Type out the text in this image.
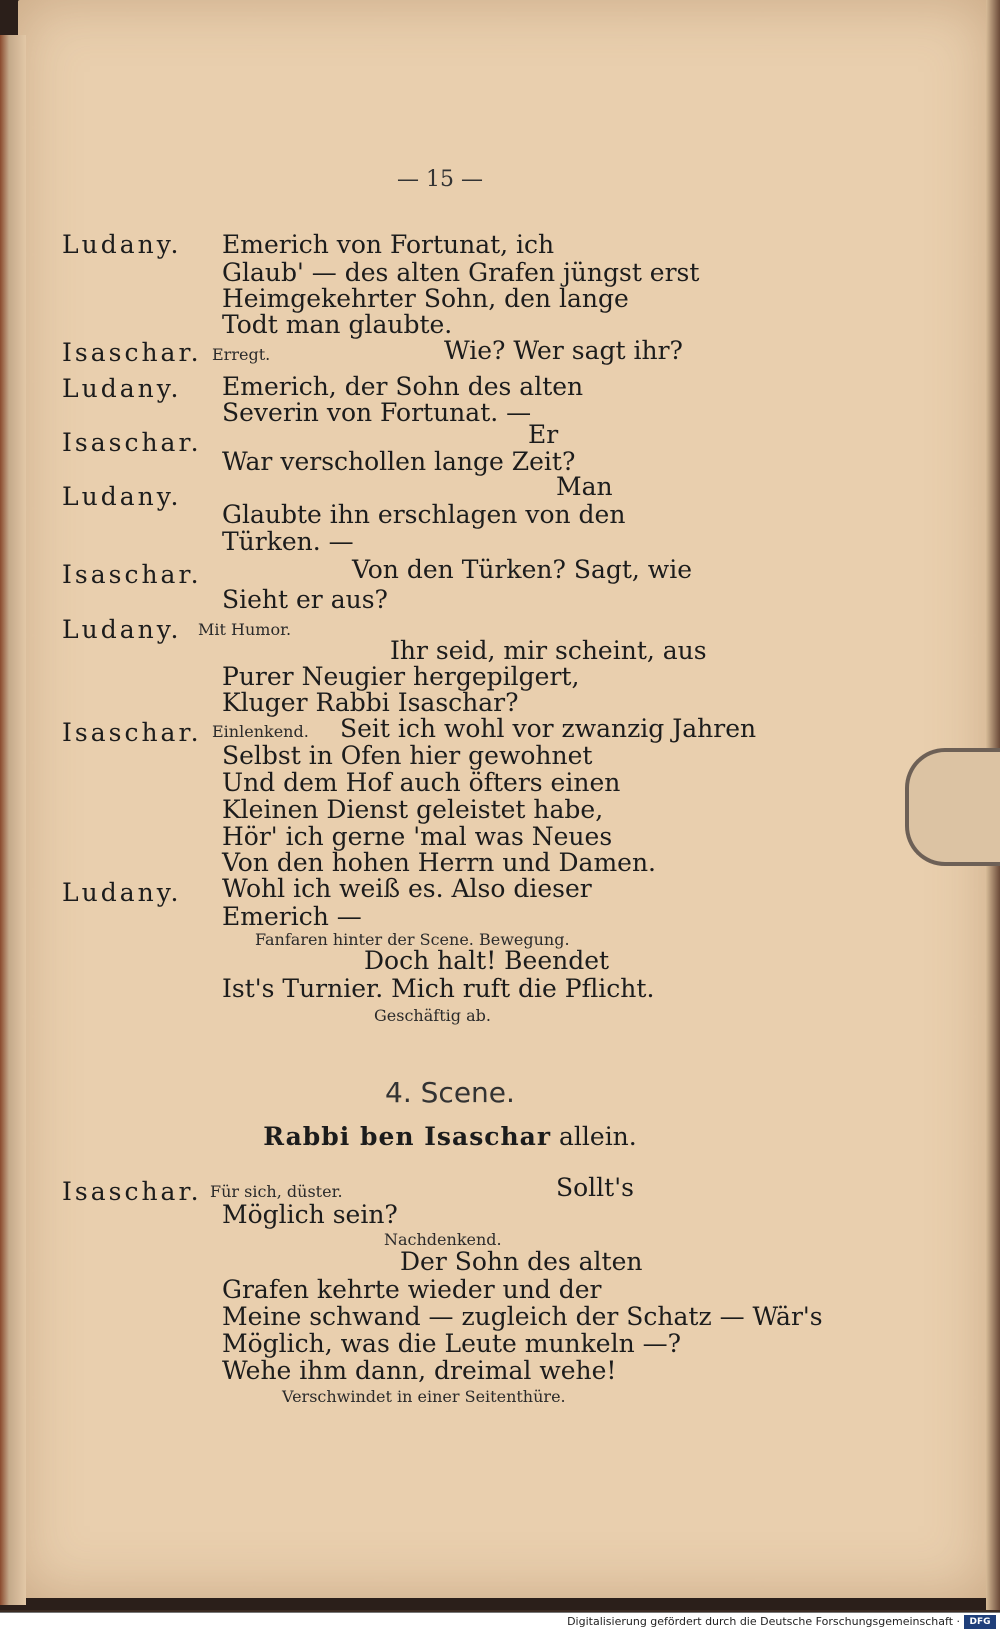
— 15 —
Ludany. Emerich von Fortunat, ich
Glaub' — des alten Grafen jüngst erst
Heimgekehrter Sohn, den lange
Todt man glaubte.
Isaschar. Erregt.	Wie? Wer sagt ihr?
Ludany. Emerich, der Sohn des alten
Severin von Fortunat. —
Isaschar.	Er
War verschollen lange Zeit?
Ludany.	Man
Glaubte ihn erschlagen von den
Türken. —
Isaschar.	Von den Türken? Sagt, wie
Sieht er aus?
Ludany. Mit Humor.
Ihr seid, mir scheint, aus
Purer Neugier hergepilgert,
Kluger Rabbi Isaschar?
Isaschar. Einlenkend. Seit ich wohl vor zwanzig Jahren
Selbst in Ofen hier gewohnet
Und dem Hof auch öfters einen
Kleinen Dienst geleistet habe,
Hör' ich gerne 'mal was Neues
Von den hohen Herrn und Damen.
Ludany. Wohl ich weiß es. Also dieser
Emerich —
Fanfaren hinter der Scene. Bewegung.
Doch halt! Beendet
Ist's Turnier. Mich ruft die Pflicht.
Geschäftig ab.
4. Scene.
Rabbi ben Isaschar allein.
Isaschar. Für sich, düster.	Sollt's
Möglich sein?
Nachdenkend.
Der Sohn des alten
Grafen kehrte wieder und der
Meine schwand — zugleich der Schatz — Wär's
Möglich, was die Leute munkeln —?
Wehe ihm dann, dreimal wehe!
Verschwindet in einer Seitenthüre.
Digitalisierung gefördert durch die Deutsche Forschungsgemeinschaft ·	DFG
